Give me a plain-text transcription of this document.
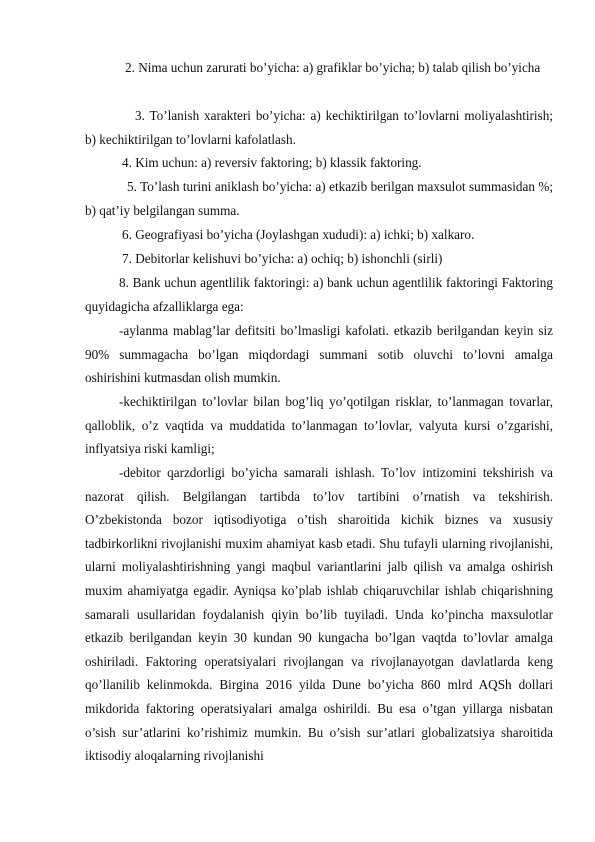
2. Nima uchun zarurati bo’yicha: a) grafiklar bo’yicha; b) talab qilish bo’yicha

3. To’lanish xarakteri bo’yicha: a) kechiktirilgan to’lovlarni moliyalashtirish; b) kechiktirilgan to’lovlarni kafolatlash.

4. Kim uchun: a) reversiv faktoring; b) klassik faktoring.

5. To’lash turini aniklash bo’yicha: a) etkazib berilgan maxsulot summasidan %; b) qat’iy belgilangan summa.

6. Geografiyasi bo’yicha (Joylashgan xududi): a) ichki; b) xalkaro.

7. Debitorlar kelishuvi bo’yicha: a) ochiq; b) ishonchli (sirli)

8. Bank uchun agentlilik faktoringi: a) bank uchun agentlilik faktoringi Faktoring quyidagicha afzalliklarga ega:

-aylanma mablag’lar defitsiti bo’lmasligi kafolati. etkazib berilgandan keyin siz 90% summagacha bo’lgan miqdordagi summani sotib oluvchi to’lovni amalga oshirishini kutmasdan olish mumkin.

-kechiktirilgan to’lovlar bilan bog’liq yo’qotilgan risklar, to’lanmagan tovarlar, qalloblik, o’z vaqtida va muddatida to’lanmagan to’lovlar, valyuta kursi o’zgarishi, inflyatsiya riski kamligi;

-debitor qarzdorligi bo’yicha samarali ishlash. To’lov intizomini tekshirish va nazorat qilish. Belgilangan tartibda to’lov tartibini o’rnatish va tekshirish. O’zbekistonda bozor iqtisodiyotiga o’tish sharoitida kichik biznes va xususiy tadbirkorlikni rivojlanishi muxim ahamiyat kasb etadi. Shu tufayli ularning rivojlanishi, ularni moliyalashtirishning yangi maqbul variantlarini jalb qilish va amalga oshirish muxim ahamiyatga egadir. Ayniqsa ko’plab ishlab chiqaruvchilar ishlab chiqarishning samarali usullaridan foydalanish qiyin bo’lib tuyiladi. Unda ko’pincha maxsulotlar etkazib berilgandan keyin 30 kundan 90 kungacha bo’lgan vaqtda to’lovlar amalga oshiriladi. Faktoring operatsiyalari rivojlangan va rivojlanayotgan davlatlarda keng qo’llanilib kelinmokda. Birgina 2016 yilda Dune bo’yicha 860 mlrd AQSh dollari mikdorida faktoring operatsiyalari amalga oshirildi. Bu esa o’tgan yillarga nisbatan o’sish sur’atlarini ko’rishimiz mumkin. Bu o’sish sur’atlari globalizatsiya sharoitida iktisodiy aloqalarning rivojlanishi
